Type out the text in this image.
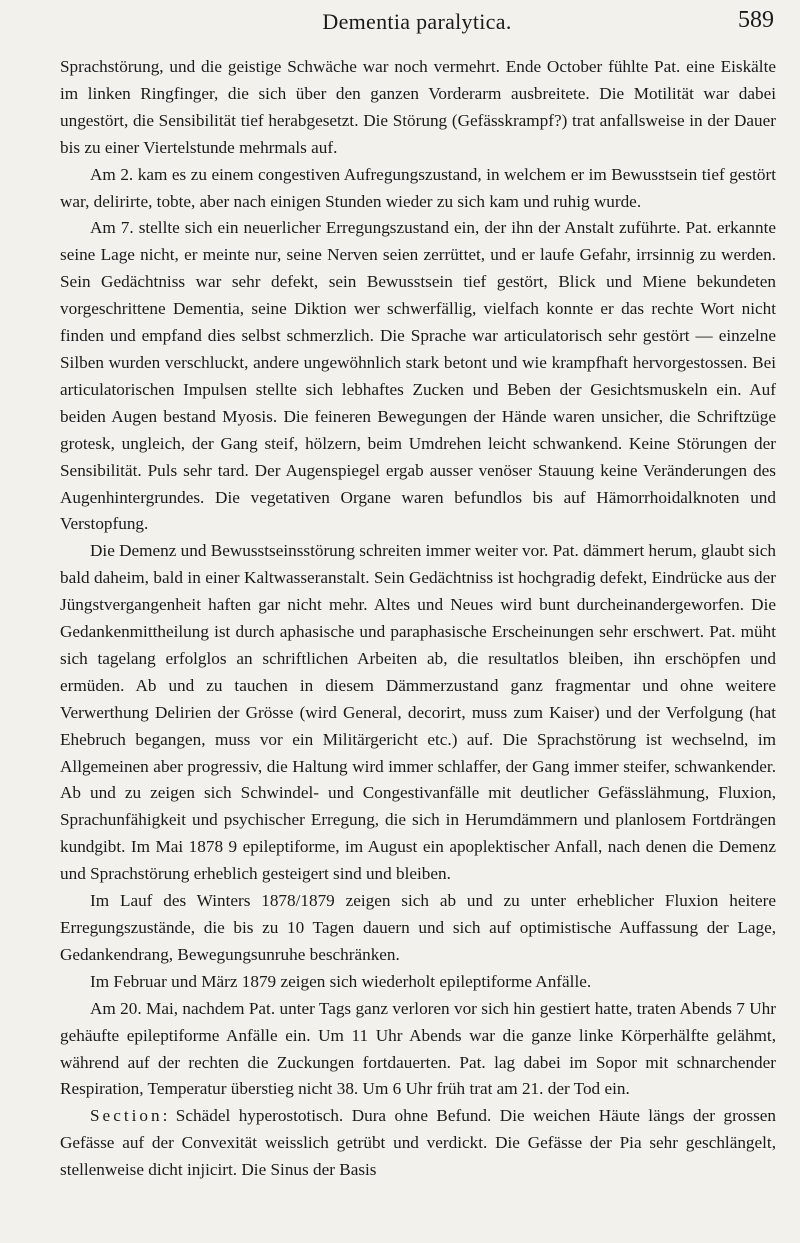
Dementia paralytica.	589

Sprachstörung, und die geistige Schwäche war noch vermehrt. Ende October fühlte Pat. eine Eiskälte im linken Ringfinger, die sich über den ganzen Vorderarm ausbreitete. Die Motilität war dabei ungestört, die Sensibilität tief herabgesetzt. Die Störung (Gefässkrampf?) trat anfallsweise in der Dauer bis zu einer Viertelstunde mehrmals auf.

Am 2. kam es zu einem congestiven Aufregungszustand, in welchem er im Bewusstsein tief gestört war, delirirte, tobte, aber nach einigen Stunden wieder zu sich kam und ruhig wurde.

Am 7. stellte sich ein neuerlicher Erregungszustand ein, der ihn der Anstalt zuführte. Pat. erkannte seine Lage nicht, er meinte nur, seine Nerven seien zerrüttet, und er laufe Gefahr, irrsinnig zu werden. Sein Gedächtniss war sehr defekt, sein Bewusstsein tief gestört, Blick und Miene bekundeten vorgeschrittene Dementia, seine Diktion wer schwerfällig, vielfach konnte er das rechte Wort nicht finden und empfand dies selbst schmerzlich. Die Sprache war articulatorisch sehr gestört — einzelne Silben wurden verschluckt, andere ungewöhnlich stark betont und wie krampfhaft hervorgestossen. Bei articulatorischen Impulsen stellte sich lebhaftes Zucken und Beben der Gesichtsmuskeln ein. Auf beiden Augen bestand Myosis. Die feineren Bewegungen der Hände waren unsicher, die Schriftzüge grotesk, ungleich, der Gang steif, hölzern, beim Umdrehen leicht schwankend. Keine Störungen der Sensibilität. Puls sehr tard. Der Augenspiegel ergab ausser venöser Stauung keine Veränderungen des Augenhintergrundes. Die vegetativen Organe waren befundlos bis auf Hämorrhoidalknoten und Verstopfung.

Die Demenz und Bewusstseinsstörung schreiten immer weiter vor. Pat. dämmert herum, glaubt sich bald daheim, bald in einer Kaltwasseranstalt. Sein Gedächtniss ist hochgradig defekt, Eindrücke aus der Jüngstvergangenheit haften gar nicht mehr. Altes und Neues wird bunt durcheinandergeworfen. Die Gedankenmittheilung ist durch aphasische und paraphasische Erscheinungen sehr erschwert. Pat. müht sich tagelang erfolglos an schriftlichen Arbeiten ab, die resultatlos bleiben, ihn erschöpfen und ermüden. Ab und zu tauchen in diesem Dämmerzustand ganz fragmentar und ohne weitere Verwerthung Delirien der Grösse (wird General, decorirt, muss zum Kaiser) und der Verfolgung (hat Ehebruch begangen, muss vor ein Militärgericht etc.) auf. Die Sprachstörung ist wechselnd, im Allgemeinen aber progressiv, die Haltung wird immer schlaffer, der Gang immer steifer, schwankender. Ab und zu zeigen sich Schwindel- und Congestivanfälle mit deutlicher Gefässlähmung, Fluxion, Sprachunfähigkeit und psychischer Erregung, die sich in Herumdämmern und planlosem Fortdrängen kundgibt. Im Mai 1878 9 epileptiforme, im August ein apoplektischer Anfall, nach denen die Demenz und Sprachstörung erheblich gesteigert sind und bleiben.

Im Lauf des Winters 1878/1879 zeigen sich ab und zu unter erheblicher Fluxion heitere Erregungszustände, die bis zu 10 Tagen dauern und sich auf optimistische Auffassung der Lage, Gedankendrang, Bewegungsunruhe beschränken.

Im Februar und März 1879 zeigen sich wiederholt epileptiforme Anfälle.

Am 20. Mai, nachdem Pat. unter Tags ganz verloren vor sich hin gestiert hatte, traten Abends 7 Uhr gehäufte epileptiforme Anfälle ein. Um 11 Uhr Abends war die ganze linke Körperhälfte gelähmt, während auf der rechten die Zuckungen fortdauerten. Pat. lag dabei im Sopor mit schnarchender Respiration, Temperatur überstieg nicht 38. Um 6 Uhr früh trat am 21. der Tod ein.

Section: Schädel hyperostotisch. Dura ohne Befund. Die weichen Häute längs der grossen Gefässe auf der Convexität weisslich getrübt und verdickt. Die Gefässe der Pia sehr geschlängelt, stellenweise dicht injicirt. Die Sinus der Basis
